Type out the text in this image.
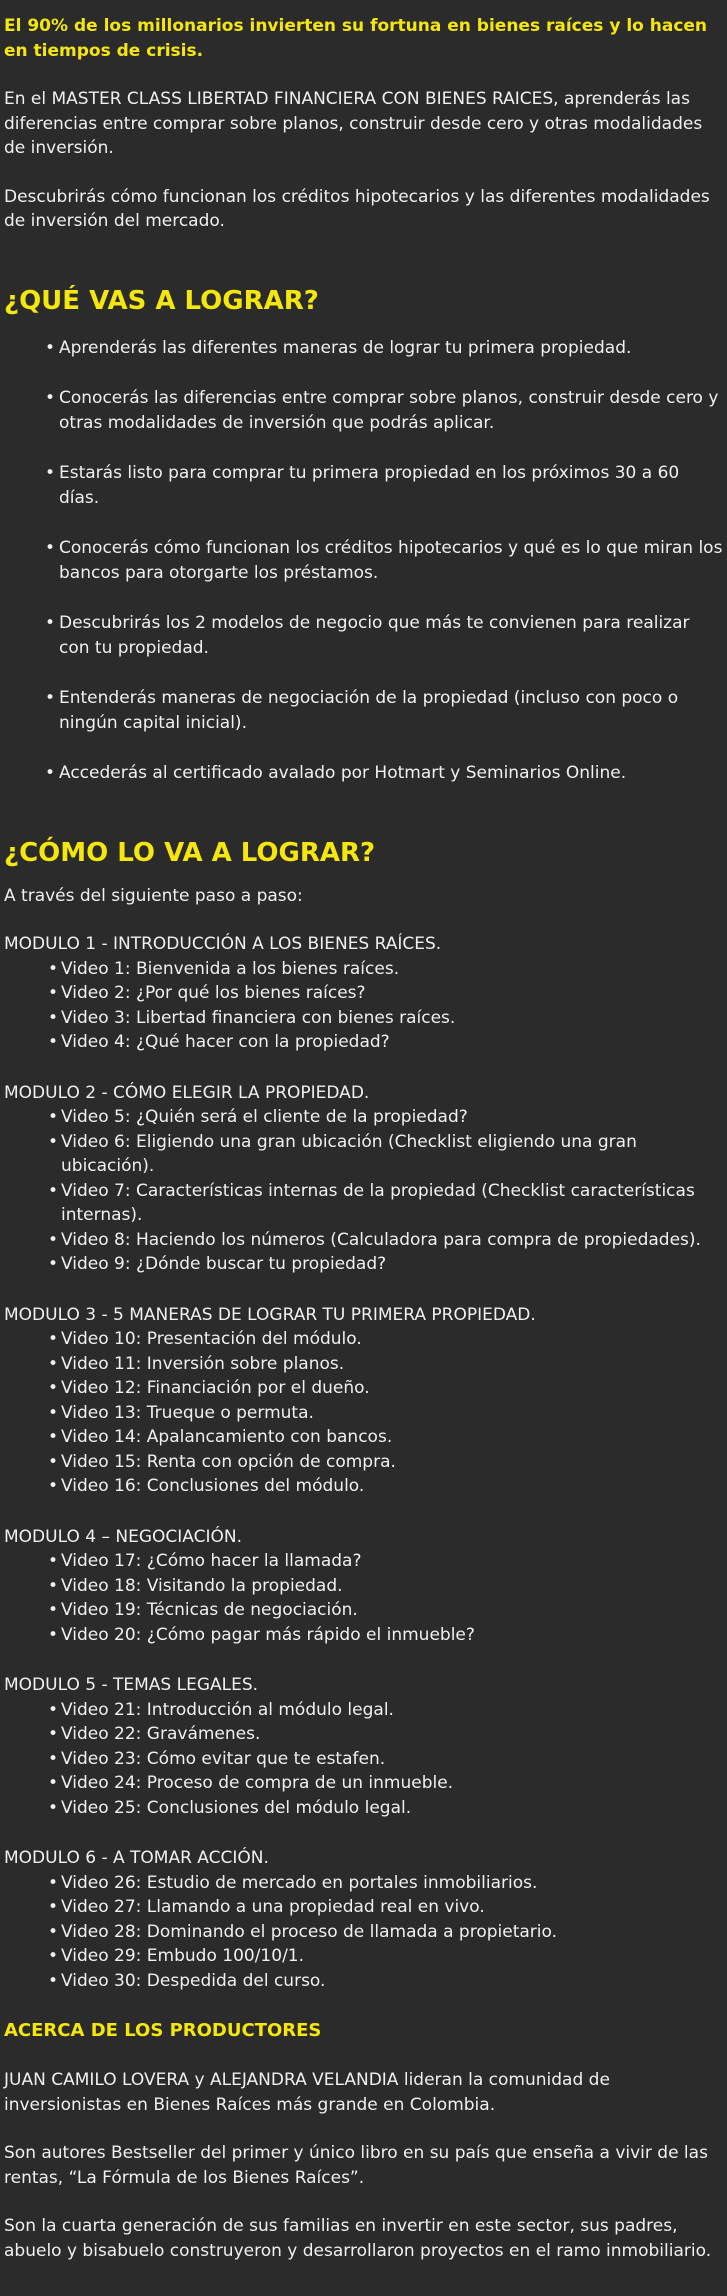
El 90% de los millonarios invierten su fortuna en bienes raíces y lo hacen en tiempos de crisis.

En el MASTER CLASS LIBERTAD FINANCIERA CON BIENES RAICES, aprenderás las diferencias entre comprar sobre planos, construir desde cero y otras modalidades de inversión.

Descubrirás cómo funcionan los créditos hipotecarios y las diferentes modalidades de inversión del mercado.

¿QUÉ VAS A LOGRAR?
• Aprenderás las diferentes maneras de lograr tu primera propiedad.
• Conocerás las diferencias entre comprar sobre planos, construir desde cero y otras modalidades de inversión que podrás aplicar.
• Estarás listo para comprar tu primera propiedad en los próximos 30 a 60 días.
• Conocerás cómo funcionan los créditos hipotecarios y qué es lo que miran los bancos para otorgarte los préstamos.
• Descubrirás los 2 modelos de negocio que más te convienen para realizar con tu propiedad.
• Entenderás maneras de negociación de la propiedad (incluso con poco o ningún capital inicial).
• Accederás al certificado avalado por Hotmart y Seminarios Online.
¿CÓMO LO VA A LOGRAR?

A través del siguiente paso a paso:

MODULO 1 - INTRODUCCIÓN A LOS BIENES RAÍCES.

• Video 1: Bienvenida a los bienes raíces.
• Video 2: ¿Por qué los bienes raíces?
• Video 3: Libertad financiera con bienes raíces.
• Video 4: ¿Qué hacer con la propiedad?

MODULO 2 - CÓMO ELEGIR LA PROPIEDAD.

• Video 5: ¿Quién será el cliente de la propiedad?
• Video 6: Eligiendo una gran ubicación (Checklist eligiendo una gran ubicación).
• Video 7: Características internas de la propiedad (Checklist características internas).
• Video 8: Haciendo los números (Calculadora para compra de propiedades).
• Video 9: ¿Dónde buscar tu propiedad?

MODULO 3 - 5 MANERAS DE LOGRAR TU PRIMERA PROPIEDAD.

• Video 10: Presentación del módulo.
• Video 11: Inversión sobre planos.
• Video 12: Financiación por el dueño.
• Video 13: Trueque o permuta.
• Video 14: Apalancamiento con bancos.
• Video 15: Renta con opción de compra.
• Video 16: Conclusiones del módulo.

MODULO 4 – NEGOCIACIÓN.

• Video 17: ¿Cómo hacer la llamada?
• Video 18: Visitando la propiedad.
• Video 19: Técnicas de negociación.
• Video 20: ¿Cómo pagar más rápido el inmueble?

MODULO 5 - TEMAS LEGALES.

• Video 21: Introducción al módulo legal.
• Video 22: Gravámenes.
• Video 23: Cómo evitar que te estafen.
• Video 24: Proceso de compra de un inmueble.
• Video 25: Conclusiones del módulo legal.

MODULO 6 - A TOMAR ACCIÓN.

• Video 26: Estudio de mercado en portales inmobiliarios.
• Video 27: Llamando a una propiedad real en vivo.
• Video 28: Dominando el proceso de llamada a propietario.
• Video 29: Embudo 100/10/1.
• Video 30: Despedida del curso.
ACERCA DE LOS PRODUCTORES

JUAN CAMILO LOVERA y ALEJANDRA VELANDIA lideran la comunidad de inversionistas en Bienes Raíces más grande en Colombia.

Son autores Bestseller del primer y único libro en su país que enseña a vivir de las rentas, “La Fórmula de los Bienes Raíces”.

Son la cuarta generación de sus familias en invertir en este sector, sus padres, abuelo y bisabuelo construyeron y desarrollaron proyectos en el ramo inmobiliario.
